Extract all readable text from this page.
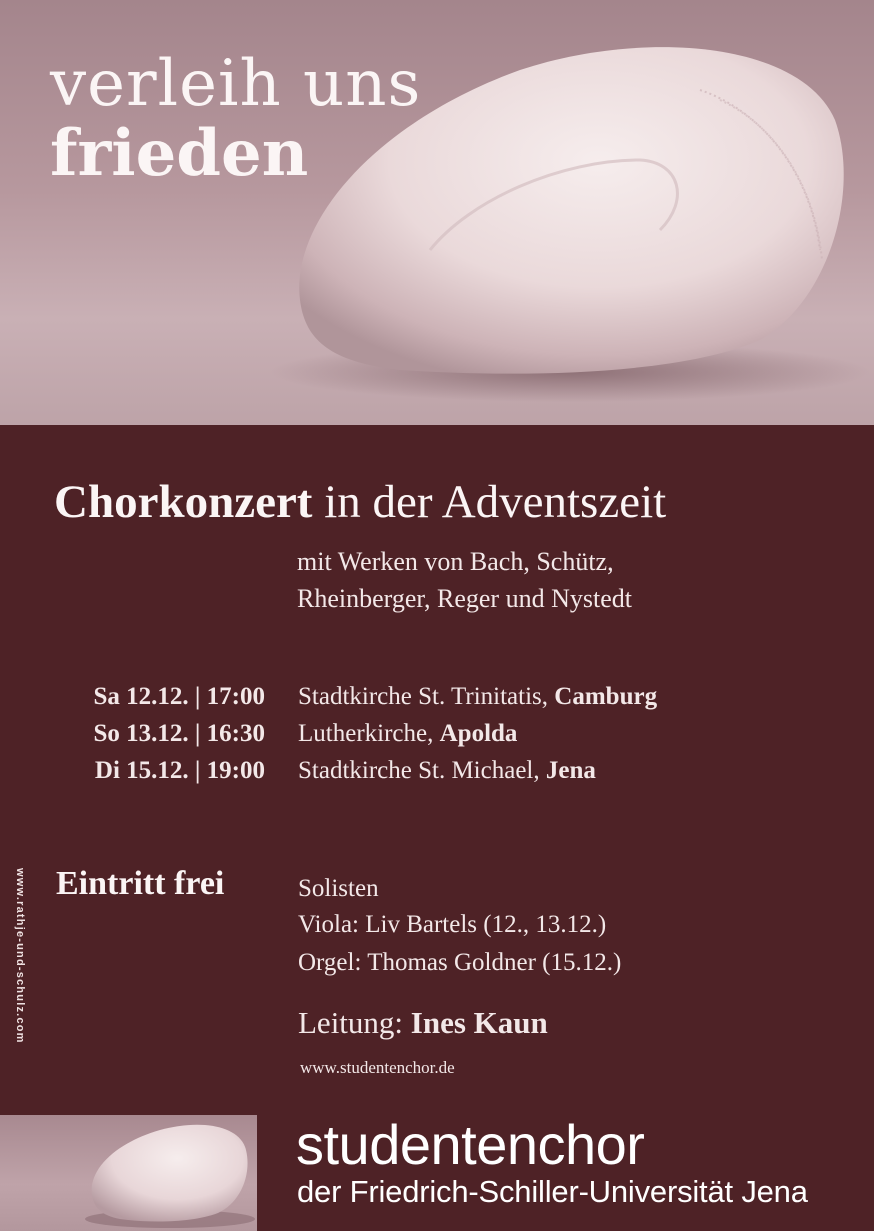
verleih uns
frieden
Chorkonzert in der Adventszeit
mit Werken von Bach, Schütz,
Rheinberger, Reger und Nystedt
Sa 12.12. | 17:00 Stadtkirche St. Trinitatis, Camburg
So 13.12. | 16:30 Lutherkirche, Apolda
Di 15.12. | 19:00 Stadtkirche St. Michael, Jena
Eintritt frei	Solisten
Viola: Liv Bartels (12., 13.12.)
Orgel: Thomas Goldner (15.12.)
Leitung: Ines Kaun
www.studentenchor.de
www.rathje-und-schulz.com
studentenchor
der Friedrich-Schiller-Universität Jena
